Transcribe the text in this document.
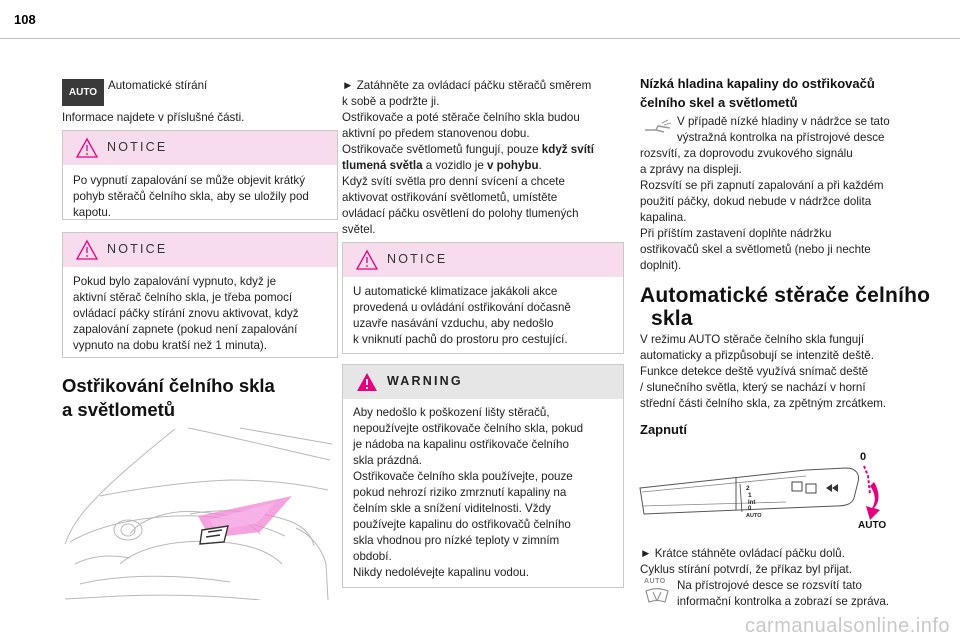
108
AUTO

Automatické stírání

Informace najdete v příslušné části.

NOTICE

Po vypnutí zapalování se může objevit krátký pohyb stěračů čelního skla, aby se uložily pod kapotu.

NOTICE

Pokud bylo zapalování vypnuto, když je

aktivní stěrač čelního skla, je třeba pomocí

ovládací páčky stírání znovu aktivovat, když

zapalování zapnete (pokud není zapalování

vypnuto na dobu kratší než 1 minuta).

Ostřikování čelního skla
a světlometů

► Zatáhněte za ovládací páčku stěračů směrem

k sobě a podržte ji.

Ostřikovače a poté stěrače čelního skla budou

aktivní po předem stanovenou dobu.

Ostřikovače světlometů fungují, pouze když svítí

tlumená světla a vozidlo je v pohybu.

Když svítí světla pro denní svícení a chcete

aktivovat ostřikování světlometů, umístěte

ovládací páčku osvětlení do polohy tlumených

světel.

NOTICE

U automatické klimatizace jakákoli akce

provedená u ovládání ostřikování dočasně

uzavře nasávání vzduchu, aby nedošlo

k vniknutí pachů do prostoru pro cestující.

WARNING

Aby nedošlo k poškození lišty stěračů,

nepoužívejte ostřikovače čelního skla, pokud

je nádoba na kapalinu ostřikovače čelního

skla prázdná.

Ostřikovače čelního skla používejte, pouze

pokud nehrozí riziko zmrznutí kapaliny na

čelním skle a snížení viditelnosti. Vždy

používejte kapalinu do ostřikovačů čelního

skla vhodnou pro nízké teploty v zimním

období.

Nikdy nedolévejte kapalinu vodou.

Nízká hladina kapaliny do ostřikovačů
čelního skel a světlometů

V případě nízké hladiny v nádržce se tato

výstražná kontrolka na přístrojové desce

rozsvítí, za doprovodu zvukového signálu

a zprávy na displeji.

Rozsvítí se při zapnutí zapalování a při každém

použití páčky, dokud nebude v nádržce dolita

kapalina.

Při příštím zastavení doplňte nádržku

ostřikovačů skel a světlometů (nebo ji nechte

doplnit).

Automatické stěrače čelního
skla

V režimu AUTO stěrače čelního skla fungují

automaticky a přizpůsobují se intenzitě deště.

Funkce detekce deště využívá snímač deště

/ slunečního světla, který se nachází v horní

střední části čelního skla, za zpětným zrcátkem.

Zapnutí
2
1
Int
0
AUTO
0
AUTO

► Krátce stáhněte ovládací páčku dolů.

Cyklus stírání potvrdí, že příkaz byl přijat.

AUTO Na přístrojové desce se rozsvítí tato

informační kontrolka a zobrazí se zpráva.

carmanualsonline.info
